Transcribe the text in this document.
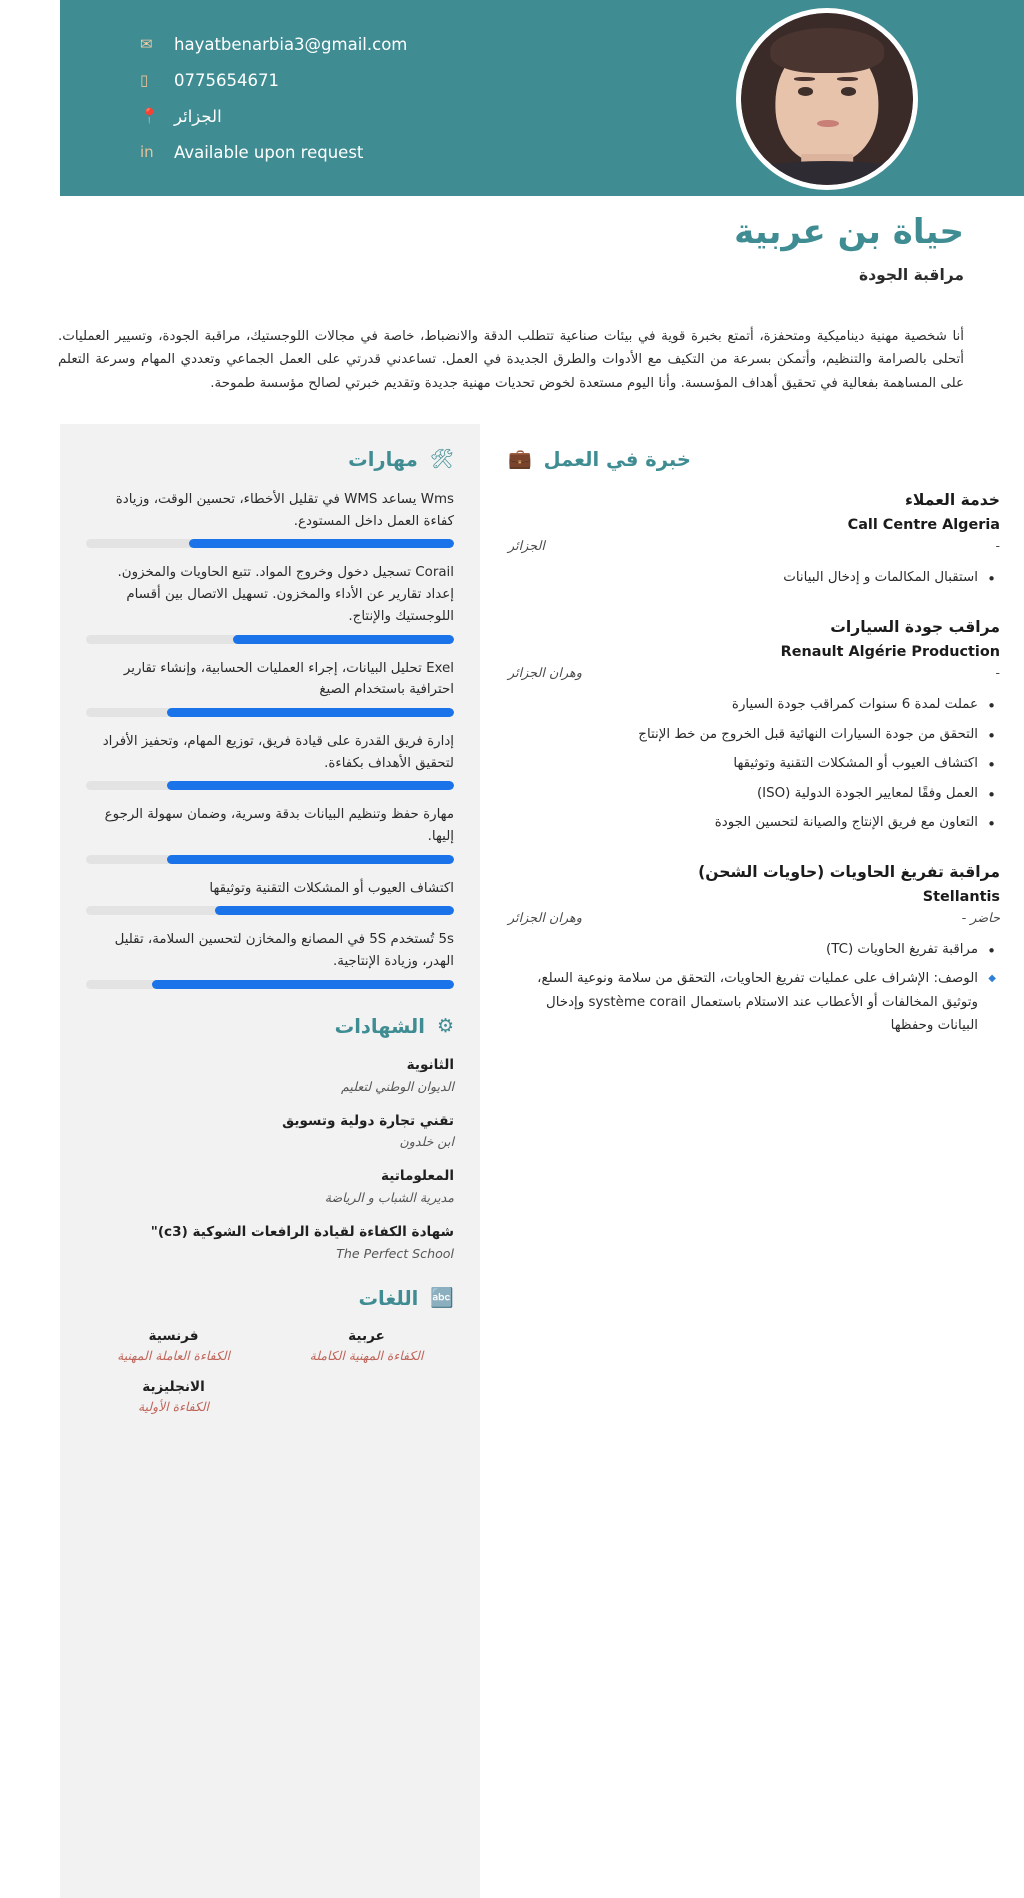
✉	hayatbenarbia3@gmail.com
▯	0775654671
📍 الجزائر
in	Available upon request
حياة بن عربية
مراقبة الجودة
أنا شخصية مهنية ديناميكية ومتحفزة، أتمتع بخبرة قوية في بيئات صناعية تتطلب الدقة والانضباط، خاصة في مجالات اللوجستيك، مراقبة الجودة، وتسيير العمليات. أتحلى بالصرامة والتنظيم، وأتمكن بسرعة من التكيف مع الأدوات والطرق الجديدة في العمل. تساعدني قدرتي على العمل الجماعي وتعددي المهام وسرعة التعلم على المساهمة بفعالية في تحقيق أهداف المؤسسة. وأنا اليوم مستعدة لخوض تحديات مهنية جديدة وتقديم خبرتي لصالح مؤسسة طموحة.
🛠
مهارات
Wms يساعد WMS في تقليل الأخطاء، تحسين الوقت، وزيادة كفاءة العمل داخل المستودع.
Corail تسجيل دخول وخروج المواد. تتبع الحاويات والمخزون. إعداد تقارير عن الأداء والمخزون. تسهيل الاتصال بين أقسام اللوجستيك والإنتاج.
Exel تحليل البيانات، إجراء العمليات الحسابية، وإنشاء تقارير احترافية باستخدام الصيغ
إدارة فريق القدرة على قيادة فريق، توزيع المهام، وتحفيز الأفراد لتحقيق الأهداف بكفاءة.
مهارة حفظ وتنظيم البيانات بدقة وسرية، وضمان سهولة الرجوع إليها.
اكتشاف العيوب أو المشكلات التقنية وتوثيقها
5s تُستخدم 5S في المصانع والمخازن لتحسين السلامة، تقليل الهدر، وزيادة الإنتاجية.
⚙
الشهادات
الثانوية
الديوان الوطني لتعليم
تقني تجارة دولية وتسويق
ابن خلدون
المعلوماتية
مديرية الشباب و الرياضة
شهادة الكفاءة لقيادة الرافعات الشوكية (c3)"
The Perfect School
🔤
اللغات
عربية
الكفاءة المهنية الكاملة
فرنسية
الكفاءة العاملة المهنية
الانجليزية
الكفاءة الأولية
💼 خبرة في العمل
خدمة العملاء
Call Centre Algeria
-
الجزائر
• استقبال المكالمات و إدخال البيانات
مراقب جودة السيارات
Renault Algérie Production
-
وهران الجزائر
• عملت لمدة 6 سنوات كمراقب جودة السيارة
• التحقق من جودة السيارات النهائية قبل الخروج من خط الإنتاج
• اكتشاف العيوب أو المشكلات التقنية وتوثيقها
• العمل وفقًا لمعايير الجودة الدولية (ISO)
• التعاون مع فريق الإنتاج والصيانة لتحسين الجودة
مراقبة تفريغ الحاويات (حاويات الشحن)
Stellantis
حاضر -
وهران الجزائر
• مراقبة تفريغ الحاويات (TC)
◆ الوصف: الإشراف على عمليات تفريغ الحاويات، التحقق من سلامة ونوعية السلع، وتوثيق المخالفات أو الأعطاب عند الاستلام باستعمال système corail وإدخال البيانات وحفظها
